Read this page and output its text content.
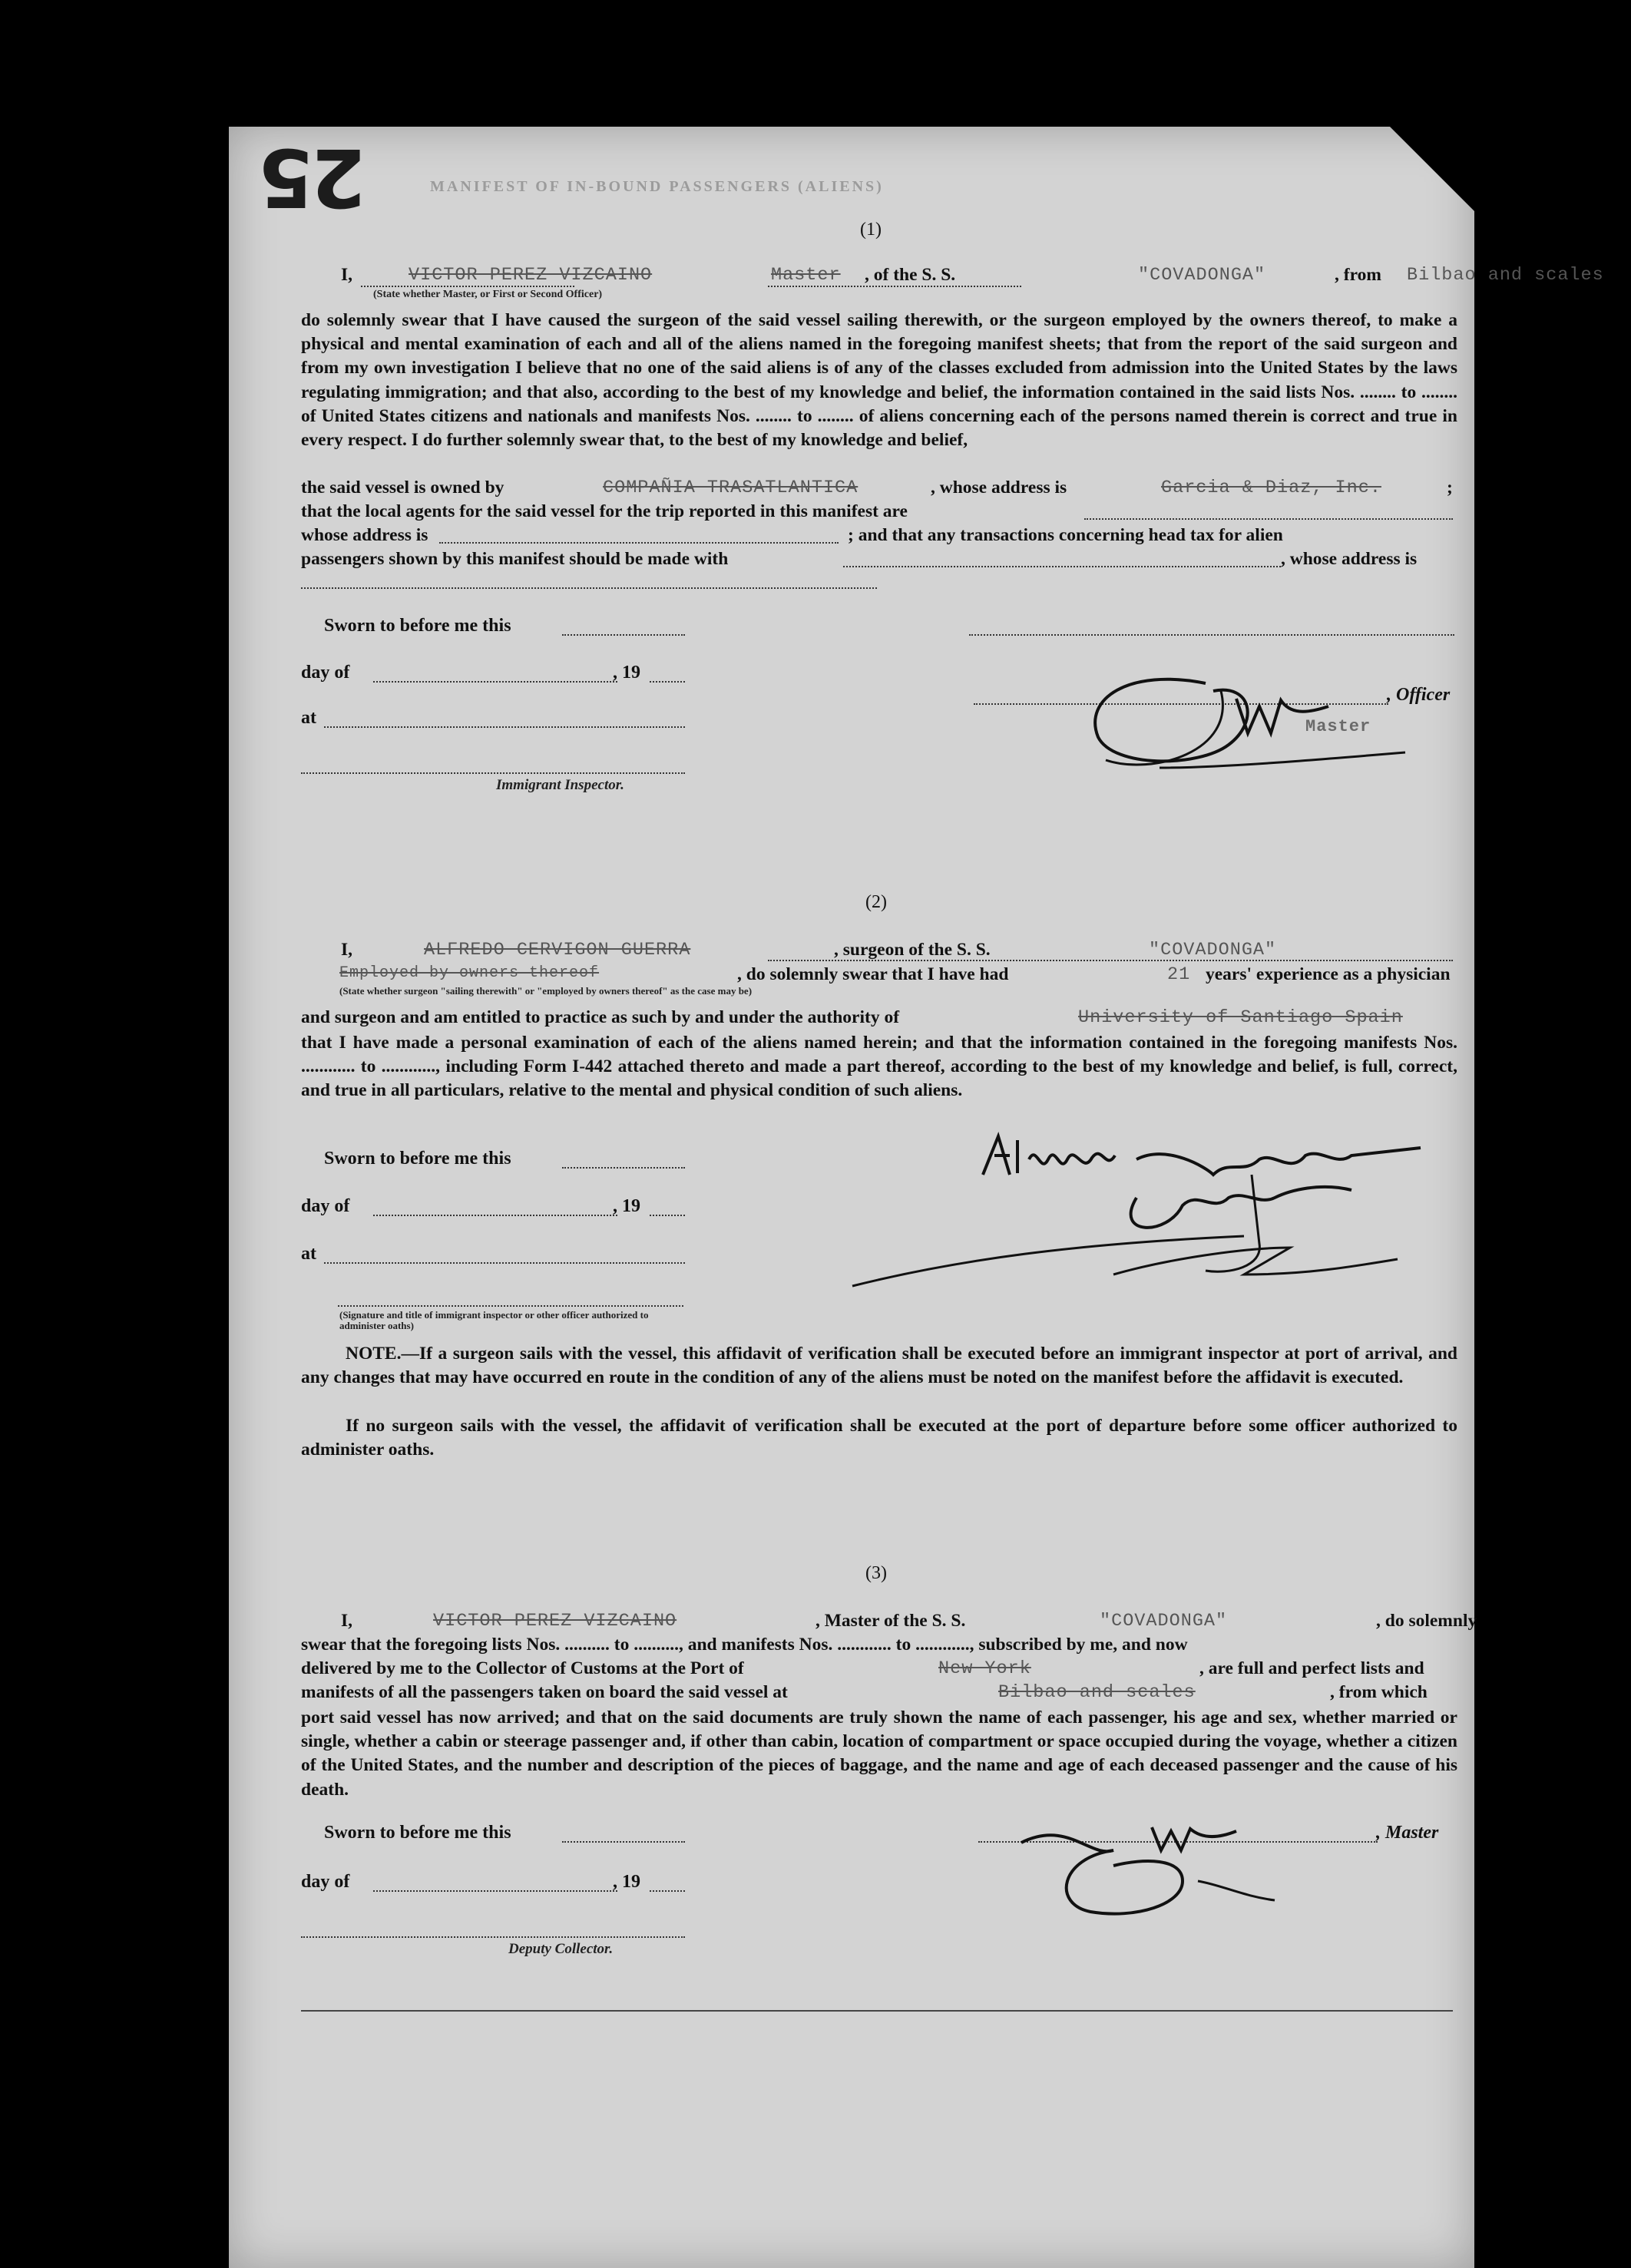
25	MANIFEST OF IN-BOUND PASSENGERS (ALIENS)
(1)
I,	VICTOR PEREZ VIZCAINO	Master , of the S. S.	"COVADONGA"	, from Bilbao and scales
(State whether Master, or First or Second Officer)
do solemnly swear that I have caused the surgeon of the said vessel sailing therewith, or the surgeon employed by the owners thereof, to make a physical and mental examination of each and all of the aliens named in the foregoing manifest sheets; that from the report of the said surgeon and from my own investigation I believe that no one of the said aliens is of any of the classes excluded from admission into the United States by the laws regulating immigration; and that also, according to the best of my knowledge and belief, the information contained in the said lists Nos. ........ to ........ of United States citizens and nationals and manifests Nos. ........ to ........ of aliens concerning each of the persons named therein is correct and true in every respect. I do further solemnly swear that, to the best of my knowledge and belief,
the said vessel is owned by	COMPAÑIA TRASATLANTICA	, whose address is	Garcia & Diaz, Inc.	;
that the local agents for the said vessel for the trip reported in this manifest are
whose address is	; and that any transactions concerning head tax for alien
passengers shown by this manifest should be made with	, whose address is
Sworn to before me this
day of	, 19
at
Immigrant Inspector.
, Officer
Master
(2)
I,	ALFREDO CERVIGON GUERRA	, surgeon of the S. S.	"COVADONGA"
Employed by owners thereof	, do solemnly swear that I have had	21 years' experience as a physician
(State whether surgeon "sailing therewith" or "employed by owners thereof" as the case may be)
and surgeon and am entitled to practice as such by and under the authority of	University of Santiago Spain
that I have made a personal examination of each of the aliens named herein; and that the information contained in the foregoing manifests Nos. ............ to ............, including Form I-442 attached thereto and made a part thereof, according to the best of my knowledge and belief, is full, correct, and true in all particulars, relative to the mental and physical condition of such aliens.
Sworn to before me this
day of	, 19
at
(Signature and title of immigrant inspector or other officer authorized to administer oaths)
NOTE.—If a surgeon sails with the vessel, this affidavit of verification shall be executed before an immigrant inspector at port of arrival, and any changes that may have occurred en route in the condition of any of the aliens must be noted on the manifest before the affidavit is executed.
If no surgeon sails with the vessel, the affidavit of verification shall be executed at the port of departure before some officer authorized to administer oaths.
(3)
I,	VICTOR PEREZ VIZCAINO	, Master of the S. S.	"COVADONGA"	, do solemnly
swear that the foregoing lists Nos. .......... to .........., and manifests Nos. ............ to ............, subscribed by me, and now
delivered by me to the Collector of Customs at the Port of	New York	, are full and perfect lists and
manifests of all the passengers taken on board the said vessel at	Bilbao and scales	, from which
port said vessel has now arrived; and that on the said documents are truly shown the name of each passenger, his age and sex, whether married or single, whether a cabin or steerage passenger and, if other than cabin, location of compartment or space occupied during the voyage, whether a citizen of the United States, and the number and description of the pieces of baggage, and the name and age of each deceased passenger and the cause of his death.
Sworn to before me this	, Master
day of	, 19
Deputy Collector.
